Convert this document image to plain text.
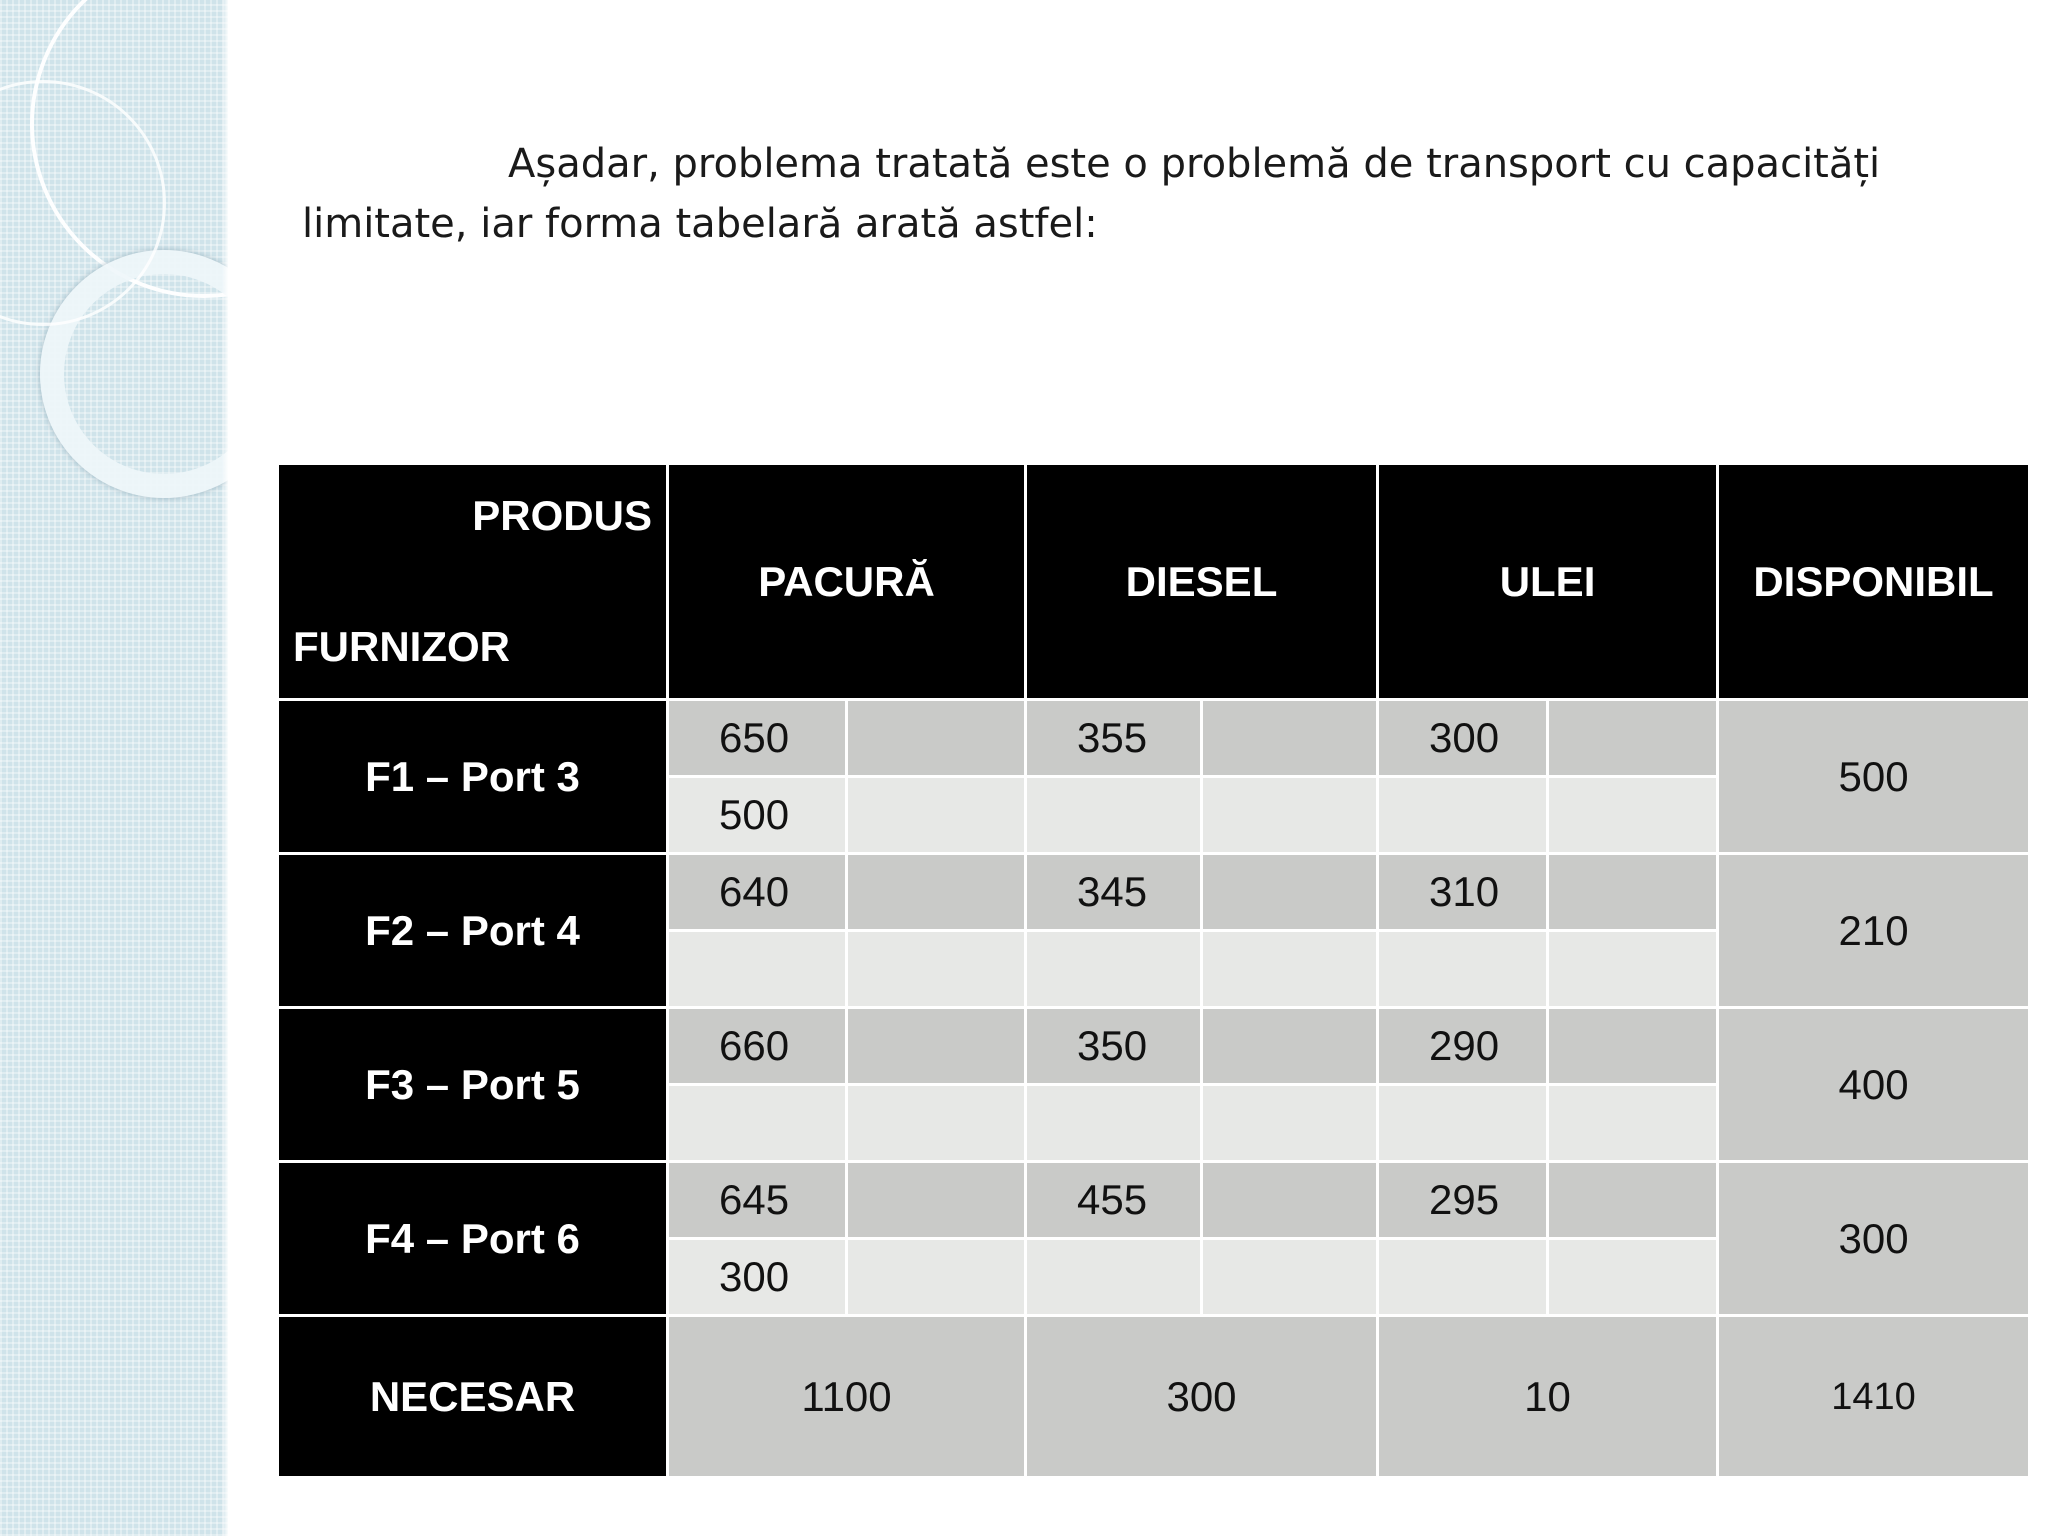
Așadar, problema tratată este o problemă de transport cu capacități limitate, iar forma tabelară arată astfel:

PRODUS
FURNIZOR	PACURĂ		DIESEL		ULEI		DISPONIBIL
F1 – Port 3	650		355		300		500
	500						
F2 – Port 4	640		345		310		210

F3 – Port 5	660		350		290		400

F4 – Port 6	645		455		295		300
	300						
NECESAR	1100		300		10		1410
